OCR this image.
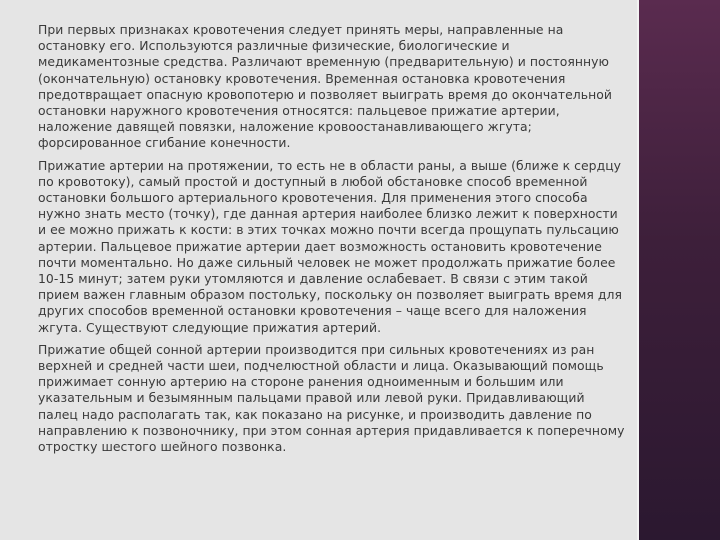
При первых признаках кровотечения следует принять меры, направленные на остановку его. Используются различные физические, биологические и медикаментозные средства. Различают временную (предварительную) и постоянную (окончательную) остановку кровотечения. Временная остановка кровотечения предотвращает опасную кровопотерю и позволяет выиграть время до окончательной остановки наружного кровотечения относятся: пальцевое прижатие артерии, наложение давящей повязки, наложение кровоостанавливающего жгута; форсированное сгибание конечности.

Прижатие артерии на протяжении, то есть не в области раны, а выше (ближе к сердцу по кровотоку), самый простой и доступный в любой обстановке способ временной остановки большого артериального кровотечения. Для применения этого способа нужно знать место (точку), где данная артерия наиболее близко лежит к поверхности и ее можно прижать к кости: в этих точках можно почти всегда прощупать пульсацию артерии. Пальцевое прижатие артерии дает возможность остановить кровотечение почти моментально. Но даже сильный человек не может продолжать прижатие более 10-15 минут; затем руки утомляются и давление ослабевает. В связи с этим такой прием важен главным образом постольку, поскольку он позволяет выиграть время для других способов временной остановки кровотечения – чаще всего для наложения жгута. Существуют следующие прижатия артерий.

Прижатие общей сонной артерии производится при сильных кровотечениях из ран верхней и средней части шеи, подчелюстной области и лица. Оказывающий помощь прижимает сонную артерию на стороне ранения одноименным и большим или указательным и безымянным пальцами правой или левой руки. Придавливающий палец надо располагать так, как показано на рисунке, и производить давление по направлению к позвоночнику, при этом сонная артерия придавливается к поперечному отростку шестого шейного позвонка.
